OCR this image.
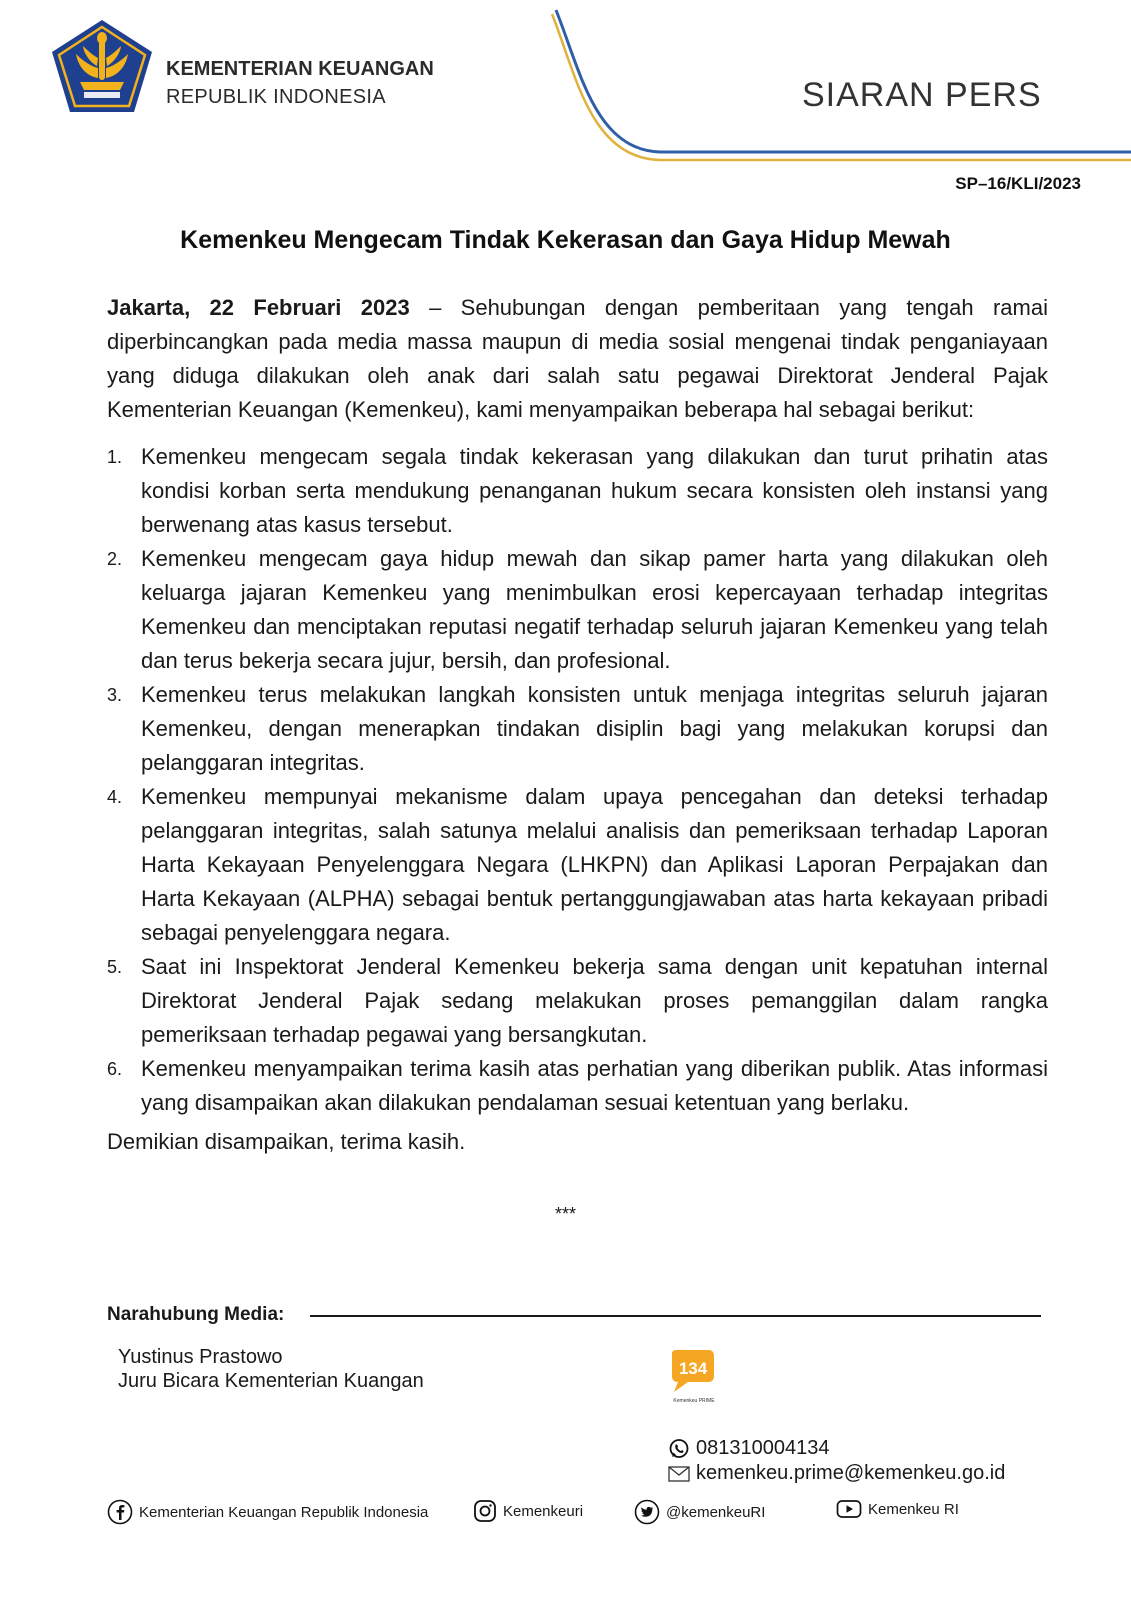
KEMENTERIAN KEUANGAN
REPUBLIK INDONESIA	SIARAN PERS
SP–16/KLI/2023
Kemenkeu Mengecam Tindak Kekerasan dan Gaya Hidup Mewah
Jakarta, 22 Februari 2023 – Sehubungan dengan pemberitaan yang tengah ramai diperbincangkan pada media massa maupun di media sosial mengenai tindak penganiayaan yang diduga dilakukan oleh anak dari salah satu pegawai Direktorat Jenderal Pajak Kementerian Keuangan (Kemenkeu), kami menyampaikan beberapa hal sebagai berikut:
1. Kemenkeu mengecam segala tindak kekerasan yang dilakukan dan turut prihatin atas kondisi korban serta mendukung penanganan hukum secara konsisten oleh instansi yang berwenang atas kasus tersebut.
2. Kemenkeu mengecam gaya hidup mewah dan sikap pamer harta yang dilakukan oleh keluarga jajaran Kemenkeu yang menimbulkan erosi kepercayaan terhadap integritas Kemenkeu dan menciptakan reputasi negatif terhadap seluruh jajaran Kemenkeu yang telah dan terus bekerja secara jujur, bersih, dan profesional.
3. Kemenkeu terus melakukan langkah konsisten untuk menjaga integritas seluruh jajaran Kemenkeu, dengan menerapkan tindakan disiplin bagi yang melakukan korupsi dan pelanggaran integritas.
4. Kemenkeu mempunyai mekanisme dalam upaya pencegahan dan deteksi terhadap pelanggaran integritas, salah satunya melalui analisis dan pemeriksaan terhadap Laporan Harta Kekayaan Penyelenggara Negara (LHKPN) dan Aplikasi Laporan Perpajakan dan Harta Kekayaan (ALPHA) sebagai bentuk pertanggungjawaban atas harta kekayaan pribadi sebagai penyelenggara negara.
5. Saat ini Inspektorat Jenderal Kemenkeu bekerja sama dengan unit kepatuhan internal Direktorat Jenderal Pajak sedang melakukan proses pemanggilan dalam rangka pemeriksaan terhadap pegawai yang bersangkutan.
6. Kemenkeu menyampaikan terima kasih atas perhatian yang diberikan publik. Atas informasi yang disampaikan akan dilakukan pendalaman sesuai ketentuan yang berlaku.
Demikian disampaikan, terima kasih.
***
Narahubung Media:
Yustinus Prastowo
Juru Bicara Kementerian Kuangan
134
Kemenkeu PRIME
081310004134
kemenkeu.prime@kemenkeu.go.id
Kementerian Keuangan Republik Indonesia	Kemenkeuri	@kemenkeuRI	Kemenkeu RI
